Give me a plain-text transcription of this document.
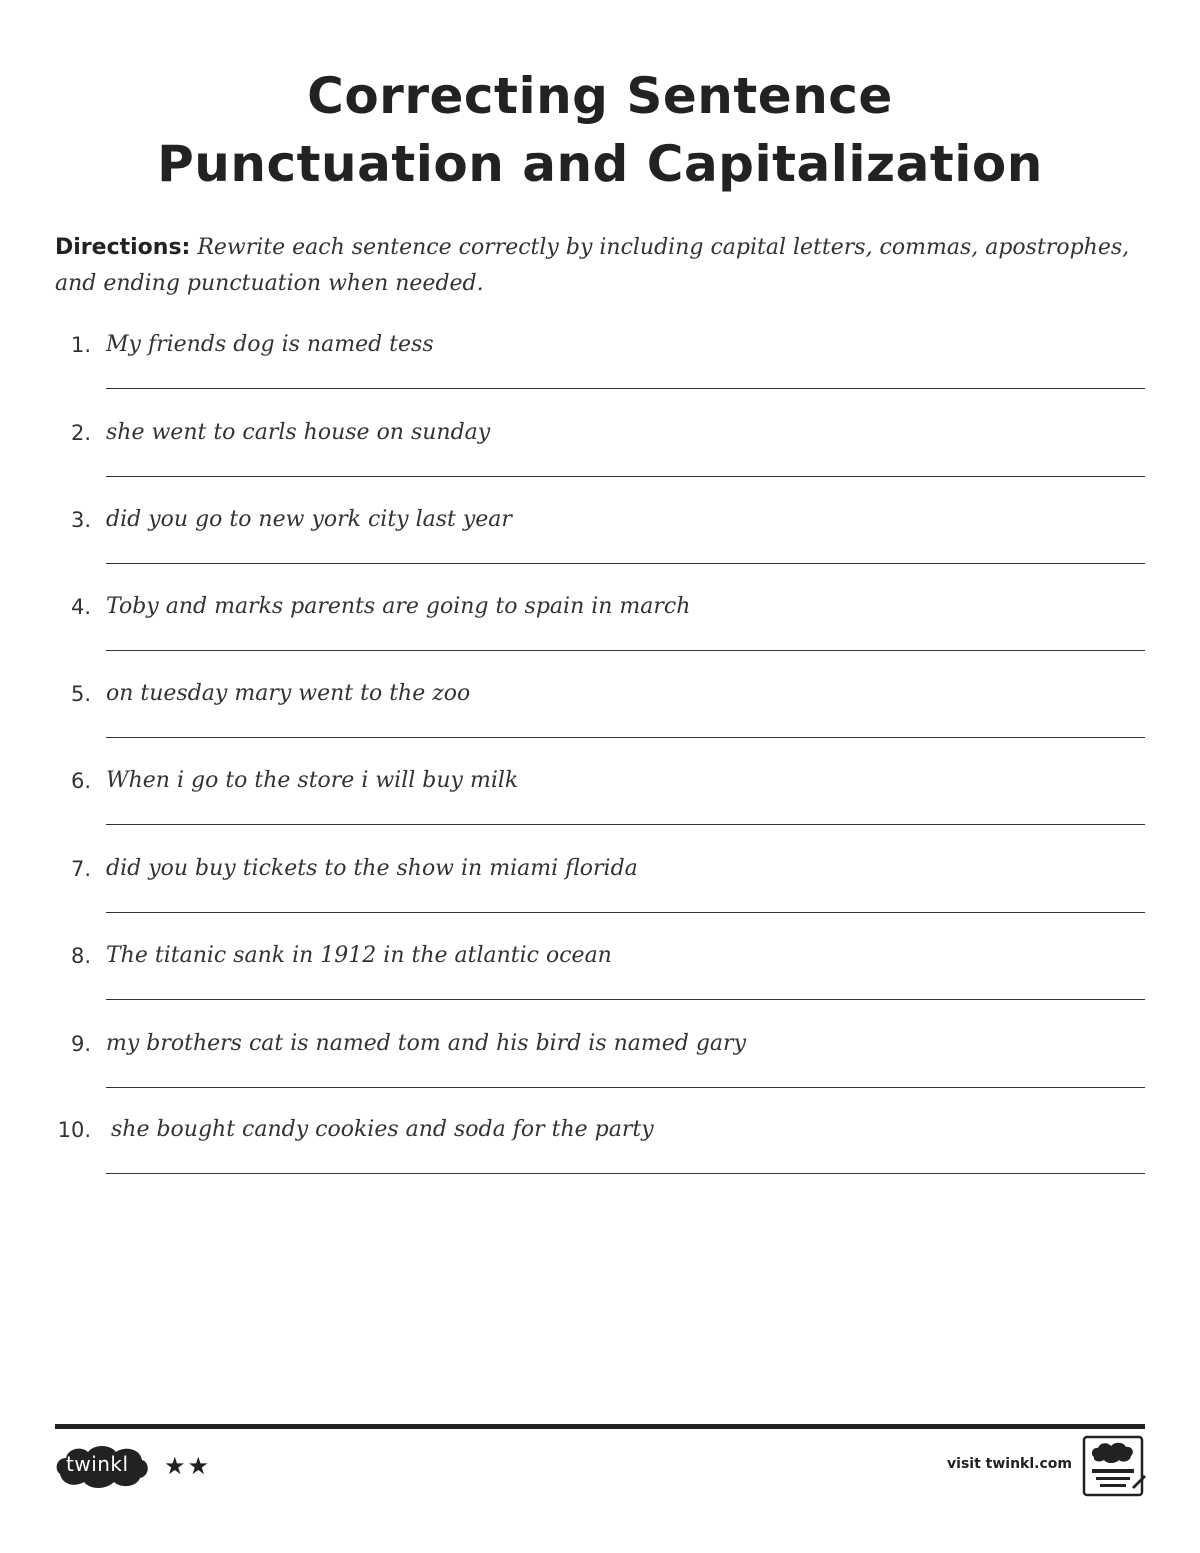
Correcting Sentence
Punctuation and Capitalization
Directions: Rewrite each sentence correctly by including capital letters, commas, apostrophes, and ending punctuation when needed.
1. My friends dog is named tess
2. she went to carls house on sunday
3. did you go to new york city last year
4. Toby and marks parents are going to spain in march
5. on tuesday mary went to the zoo
6. When i go to the store i will buy milk
7. did you buy tickets to the show in miami florida
8. The titanic sank in 1912 in the atlantic ocean
9. my brothers cat is named tom and his bird is named gary
10. she bought candy cookies and soda for the party
twinkl ★★	visit twinkl.com
